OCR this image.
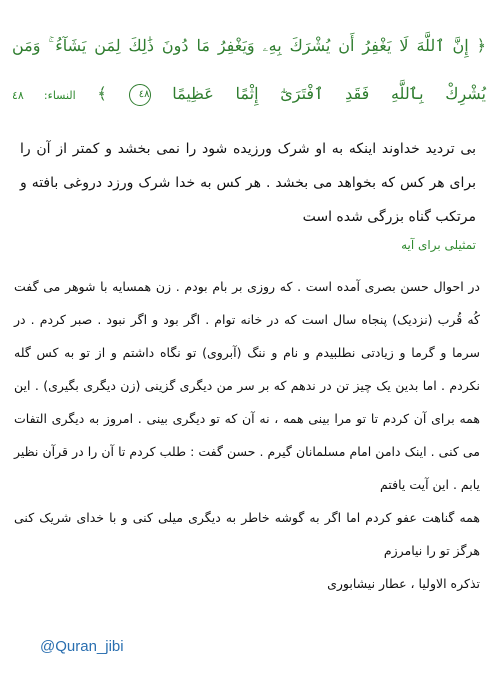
﴿ إِنَّ ٱللَّهَ لَا يَغْفِرُ أَن يُشْرَكَ بِهِۦ وَيَغْفِرُ مَا دُونَ ذَٰلِكَ لِمَن يَشَآءُ ۚ وَمَن يُشْرِكْ بِٱللَّهِ فَقَدِ ٱفْتَرَىٰٓ إِثْمًا عَظِيمًا ٤٨ ﴾ النساء: ٤٨
بی تردید خداوند اینکه به او شرک ورزیده شود را نمی بخشد و کمتر از آن را برای هر کس که بخواهد می بخشد . هر کس به خدا شرک ورزد دروغی بافته و مرتکب گناه بزرگی شده است
تمثیلی برای آیه

در احوال حسن بصری آمده است . که روزی بر بام بودم . زن همسایه با شوهر می گفت کُه قُرب (نزدیک) پنجاه سال است که در خانه توام . اگر بود و اگر نبود . صبر کردم . در سرما و گرما و زیادتی نطلبیدم و نام و ننگ (آبروی) تو نگاه داشتم و از تو به کس گله نکردم . اما بدین یک چیز تن در ندهم که بر سر من دیگری گزینی (زن دیگری بگیری) . این همه برای آن کردم تا تو مرا بینی همه ، نه آن که تو دیگری بینی . امروز به دیگری التفات می کنی . اینک دامن امام مسلمانان گیرم . حسن گفت : طلب کردم تا آن را در قرآن نظیر یابم . این آیت یافتم

همه گناهت عفو کردم اما اگر به گوشه خاطر به دیگری میلی کنی و با خدای شریک کنی هرگز تو را نیامرزم

تذکره الاولیا ، عطار نیشابوری

@Quran_jibi
